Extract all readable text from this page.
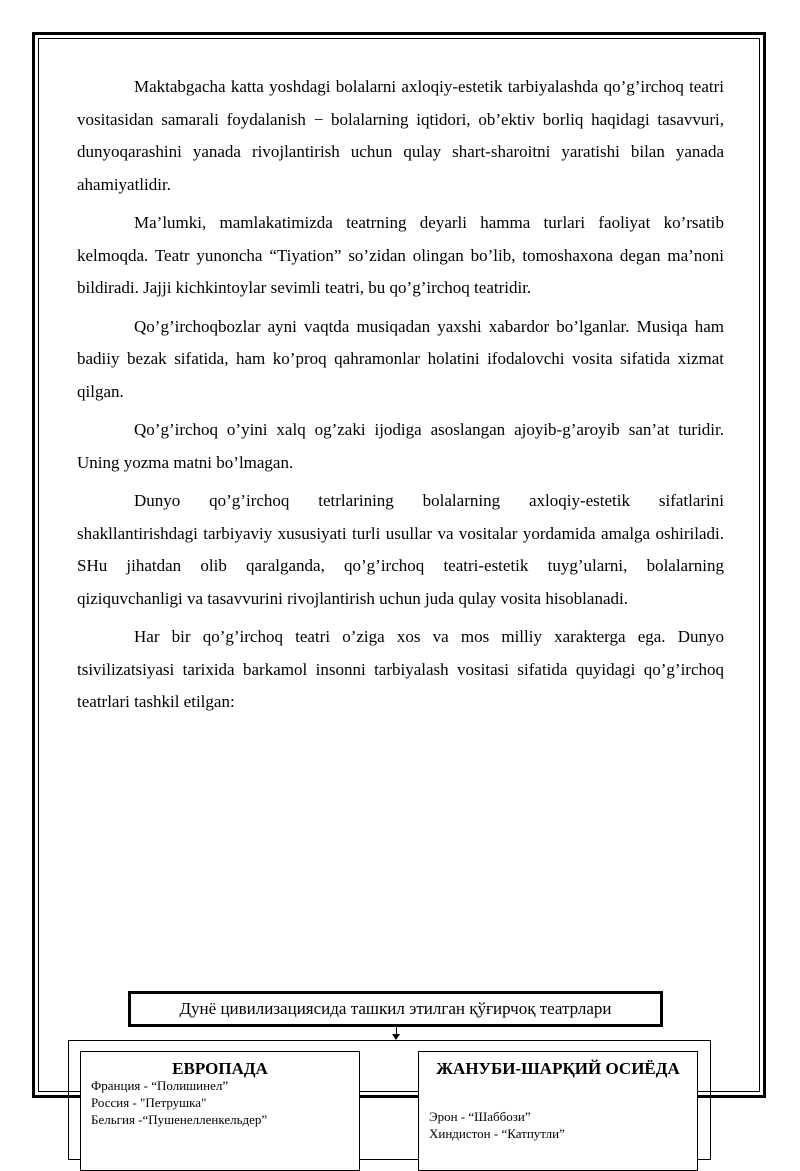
Maktabgacha katta yoshdagi bolalarni axloqiy-estetik tarbiyalashda qo’g’irchoq teatri vositasidan samarali foydalanish − bolalarning iqtidori, ob’ektiv borliq haqidagi tasavvuri, dunyoqarashini yanada rivojlantirish uchun qulay shart-sharoitni yaratishi bilan yanada ahamiyatlidir.

Ma’lumki, mamlakatimizda teatrning deyarli hamma turlari faoliyat ko’rsatib kelmoqda. Teatr yunoncha “Tiyation” so’zidan olingan bo’lib, tomoshaxona degan ma’noni bildiradi. Jajji kichkintoylar sevimli teatri, bu qo’g’irchoq teatridir.

Qo’g’irchoqbozlar ayni vaqtda musiqadan yaxshi xabardor bo’lganlar. Musiqa ham badiiy bezak sifatida, ham ko’proq qahramonlar holatini ifodalovchi vosita sifatida xizmat qilgan.

Qo’g’irchoq o’yini xalq og’zaki ijodiga asoslangan ajoyib-g’aroyib san’at turidir. Uning yozma matni bo’lmagan.

Dunyo qo’g’irchoq tetrlarining bolalarning axloqiy-estetik sifatlarini shakllantirishdagi tarbiyaviy xususiyati turli usullar va vositalar yordamida amalga oshiriladi. SHu jihatdan olib qaralganda, qo’g’irchoq teatri-estetik tuyg’ularni, bolalarning qiziquvchanligi va tasavvurini rivojlantirish uchun juda qulay vosita hisoblanadi.

Har bir qo’g’irchoq teatri o’ziga xos va mos milliy xarakterga ega. Dunyo tsivilizatsiyasi tarixida barkamol insonni tarbiyalash vositasi sifatida quyidagi qo’g’irchoq teatrlari tashkil etilgan:

Дунё цивилизациясида ташкил этилган қўғирчоқ театрлари
ЕВРОПАДА
Франция - “Полишинел”
Россия - "Петрушка"
Бельгия -“Пушенелленкельдер”
ЖАНУБИ-ШАРҚИЙ ОСИЁДА
Эрон - “Шаббози”
Хиндистон - “Катпутли”
